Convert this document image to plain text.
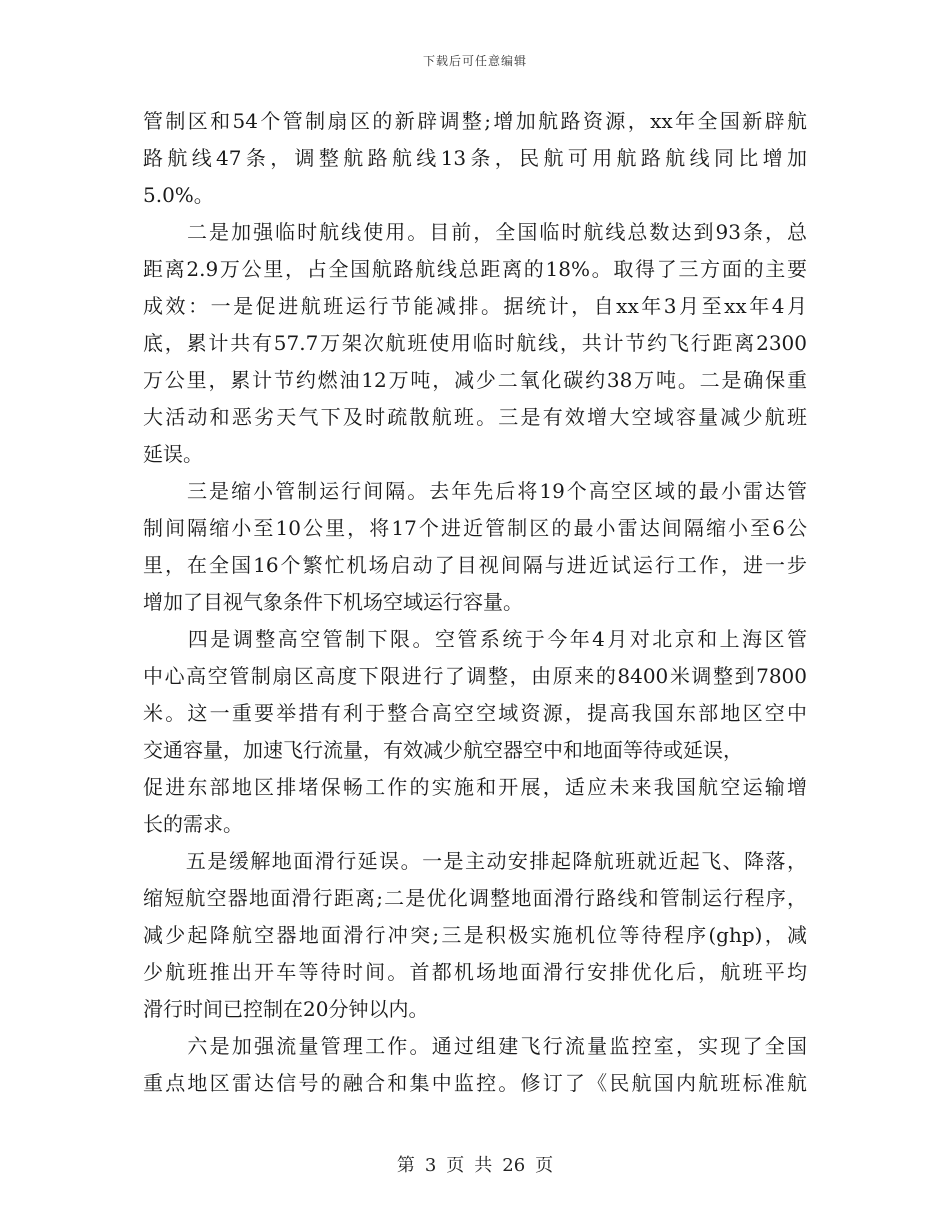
下载后可任意编辑
管制区和54个管制扇区的新辟调整;增加航路资源，xx年全国新辟航
路航线47条，调整航路航线13条，民航可用航路航线同比增加
5.0%。
　　二是加强临时航线使用。目前，全国临时航线总数达到93条，总
距离2.9万公里，占全国航路航线总距离的18%。取得了三方面的主要
成效：一是促进航班运行节能减排。据统计，自xx年3月至xx年4月
底，累计共有57.7万架次航班使用临时航线，共计节约飞行距离2300
万公里，累计节约燃油12万吨，减少二氧化碳约38万吨。二是确保重
大活动和恶劣天气下及时疏散航班。三是有效增大空域容量减少航班
延误。
　　三是缩小管制运行间隔。去年先后将19个高空区域的最小雷达管
制间隔缩小至10公里，将17个进近管制区的最小雷达间隔缩小至6公
里，在全国16个繁忙机场启动了目视间隔与进近试运行工作，进一步
增加了目视气象条件下机场空域运行容量。
　　四是调整高空管制下限。空管系统于今年4月对北京和上海区管
中心高空管制扇区高度下限进行了调整，由原来的8400米调整到7800
米。这一重要举措有利于整合高空空域资源，提高我国东部地区空中
交通容量，加速飞行流量，有效减少航空器空中和地面等待或延误，
促进东部地区排堵保畅工作的实施和开展，适应未来我国航空运输增
长的需求。
　　五是缓解地面滑行延误。一是主动安排起降航班就近起飞、降落，
缩短航空器地面滑行距离;二是优化调整地面滑行路线和管制运行程序，
减少起降航空器地面滑行冲突;三是积极实施机位等待程序(ghp)，减
少航班推出开车等待时间。首都机场地面滑行安排优化后，航班平均
滑行时间已控制在20分钟以内。
　　六是加强流量管理工作。通过组建飞行流量监控室，实现了全国
重点地区雷达信号的融合和集中监控。修订了《民航国内航班标准航
第 3 页 共 26 页
